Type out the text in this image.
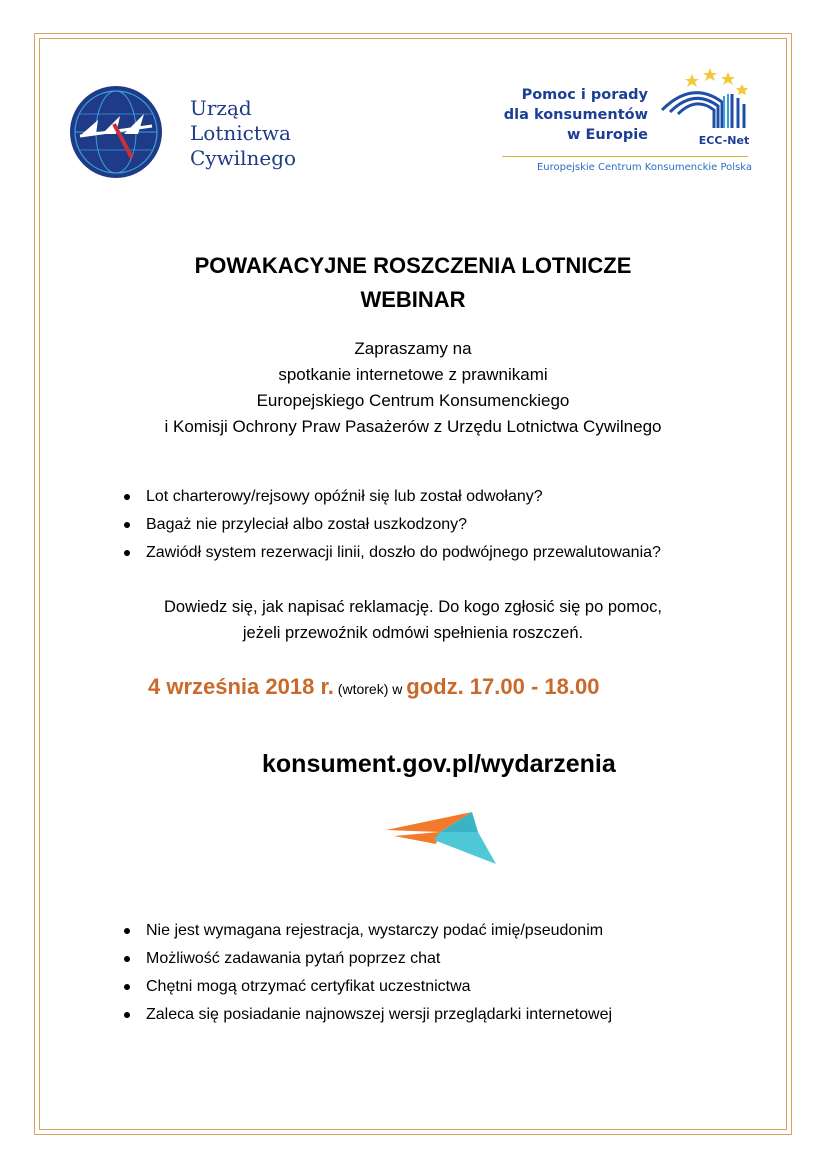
Urząd
Lotnictwa
Cywilnego
Pomoc i porady
dla konsumentów
w Europie	ECC-Net
Europejskie Centrum Konsumenckie Polska
POWAKACYJNE ROSZCZENIA LOTNICZE
WEBINAR
Zapraszamy na
spotkanie internetowe z prawnikami
Europejskiego Centrum Konsumenckiego
i Komisji Ochrony Praw Pasażerów z Urzędu Lotnictwa Cywilnego
Lot charterowy/rejsowy opóźnił się lub został odwołany?
Bagaż nie przyleciał albo został uszkodzony?
Zawiódł system rezerwacji linii, doszło do podwójnego przewalutowania?
Dowiedz się, jak napisać reklamację. Do kogo zgłosić się po pomoc,
jeżeli przewoźnik odmówi spełnienia roszczeń.
4 września 2018 r. (wtorek) w godz. 17.00 - 18.00
konsument.gov.pl/wydarzenia
Nie jest wymagana rejestracja, wystarczy podać imię/pseudonim
Możliwość zadawania pytań poprzez chat
Chętni mogą otrzymać certyfikat uczestnictwa
Zaleca się posiadanie najnowszej wersji przeglądarki internetowej
